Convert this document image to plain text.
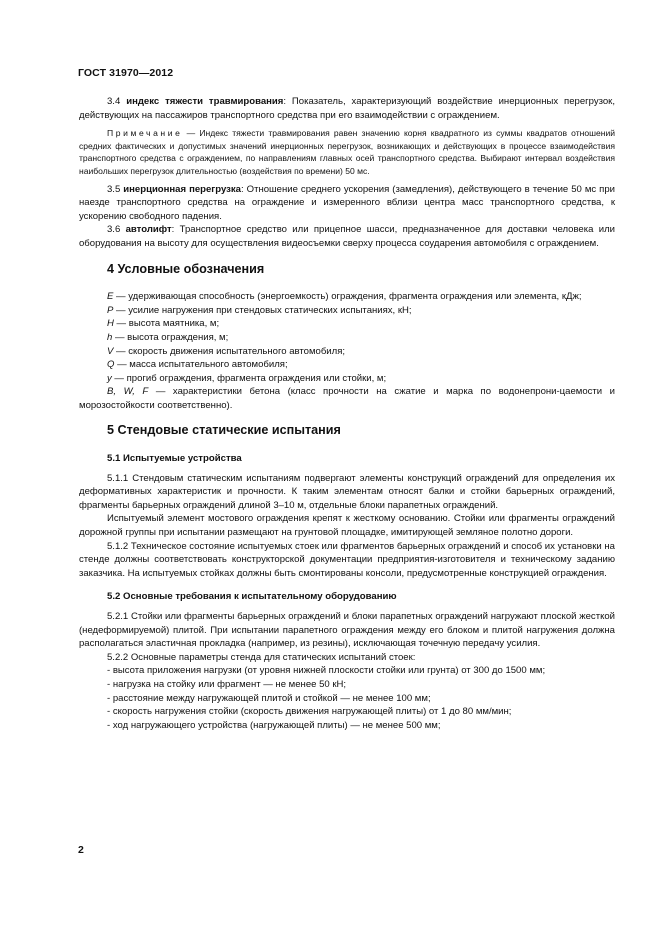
ГОСТ 31970—2012

3.4 индекс тяжести травмирования: Показатель, характеризующий воздействие инерционных перегрузок, действующих на пассажиров транспортного средства при его взаимодействии с ограждением.

Примечание — Индекс тяжести травмирования равен значению корня квадратного из суммы квадратов отношений средних фактических и допустимых значений инерционных перегрузок, возникающих и действующих в процессе взаимодействия транспортного средства с ограждением, по направлениям главных осей транспортного средства. Выбирают интервал воздействия наибольших перегрузок длительностью (воздействия по времени) 50 мс.

3.5 инерционная перегрузка: Отношение среднего ускорения (замедления), действующего в течение 50 мс при наезде транспортного средства на ограждение и измеренного вблизи центра масс транспортного средства, к ускорению свободного падения.

3.6 автолифт: Транспортное средство или прицепное шасси, предназначенное для доставки человека или оборудования на высоту для осуществления видеосъемки сверху процесса соударения автомобиля с ограждением.

4 Условные обозначения

E — удерживающая способность (энергоемкость) ограждения, фрагмента ограждения или элемента, кДж;

P — усилие нагружения при стендовых статических испытаниях, кН;

H — высота маятника, м;

h — высота ограждения, м;

V — скорость движения испытательного автомобиля;

Q — масса испытательного автомобиля;

y — прогиб ограждения, фрагмента ограждения или стойки, м;

B, W, F — характеристики бетона (класс прочности на сжатие и марка по водонепрони-цаемости и морозостойкости соответственно).

5 Стендовые статические испытания

5.1 Испытуемые устройства

5.1.1 Стендовым статическим испытаниям подвергают элементы конструкций ограждений для определения их деформативных характеристик и прочности. К таким элементам относят балки и стойки барьерных ограждений, фрагменты барьерных ограждений длиной 3–10 м, отдельные блоки парапетных ограждений.

Испытуемый элемент мостового ограждения крепят к жесткому основанию. Стойки или фрагменты ограждений дорожной группы при испытании размещают на грунтовой площадке, имитирующей земляное полотно дороги.

5.1.2 Техническое состояние испытуемых стоек или фрагментов барьерных ограждений и способ их установки на стенде должны соответствовать конструкторской документации предприятия-изготовителя и техническому заданию заказчика. На испытуемых стойках должны быть смонтированы консоли, предусмотренные конструкцией ограждения.

5.2 Основные требования к испытательному оборудованию

5.2.1 Стойки или фрагменты барьерных ограждений и блоки парапетных ограждений нагружают плоской жесткой (недеформируемой) плитой. При испытании парапетного ограждения между его блоком и плитой нагружения должна располагаться эластичная прокладка (например, из резины), исключающая точечную передачу усилия.

5.2.2 Основные параметры стенда для статических испытаний стоек:

- высота приложения нагрузки (от уровня нижней плоскости стойки или грунта) от 300 до 1500 мм;

- нагрузка на стойку или фрагмент — не менее 50 кН;

- расстояние между нагружающей плитой и стойкой — не менее 100 мм;

- скорость нагружения стойки (скорость движения нагружающей плиты) от 1 до 80 мм/мин;

- ход нагружающего устройства (нагружающей плиты) — не менее 500 мм;

2
